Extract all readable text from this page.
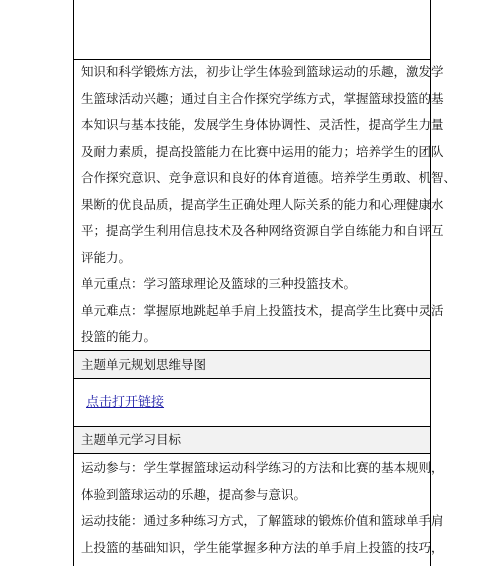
知识和科学锻炼方法，初步让学生体验到篮球运动的乐趣，激发学
生篮球活动兴趣；通过自主合作探究学练方式，掌握篮球投篮的基
本知识与基本技能，发展学生身体协调性、灵活性，提高学生力量
及耐力素质，提高投篮能力在比赛中运用的能力；培养学生的团队
合作探究意识、竞争意识和良好的体育道德。培养学生勇敢、机智、
果断的优良品质，提高学生正确处理人际关系的能力和心理健康水
平；提高学生利用信息技术及各种网络资源自学自练能力和自评互
评能力。
单元重点：学习篮球理论及篮球的三种投篮技术。
单元难点：掌握原地跳起单手肩上投篮技术，提高学生比赛中灵活
投篮的能力。
主题单元规划思维导图
点击打开链接
主题单元学习目标
运动参与：学生掌握篮球运动科学练习的方法和比赛的基本规则，
体验到篮球运动的乐趣，提高参与意识。
运动技能：通过多种练习方式，了解篮球的锻炼价值和篮球单手肩
上投篮的基础知识，学生能掌握多种方法的单手肩上投篮的技巧，
